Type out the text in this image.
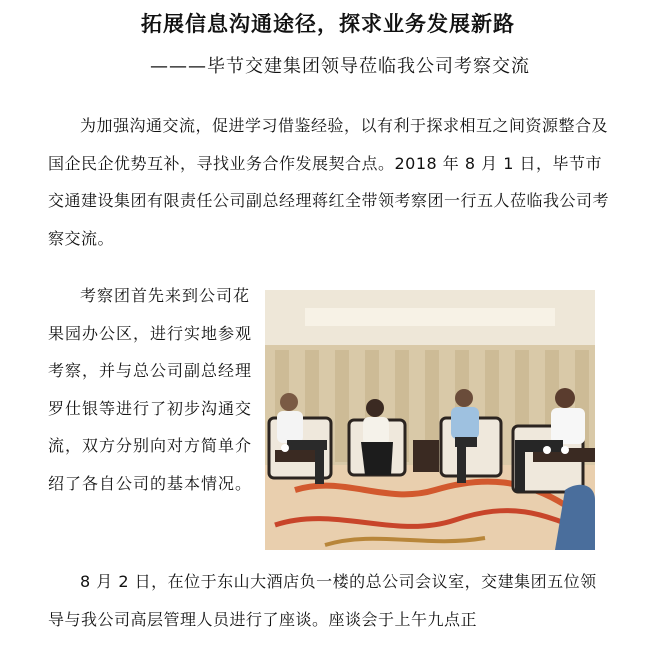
拓展信息沟通途径，探求业务发展新路
———毕节交建集团领导莅临我公司考察交流

为加强沟通交流，促进学习借鉴经验，以有利于探求相互之间资源整合及国企民企优势互补，寻找业务合作发展契合点。2018 年 8 月 1 日，毕节市交通建设集团有限责任公司副总经理蒋红全带领考察团一行五人莅临我公司考察交流。

考察团首先来到公司花果园办公区，进行实地参观考察，并与总公司副总经理罗仕银等进行了初步沟通交流，双方分别向对方简单介绍了各自公司的基本情况。

8 月 2 日，在位于东山大酒店负一楼的总公司会议室，交建集团五位领导与我公司高层管理人员进行了座谈。座谈会于上午九点正
